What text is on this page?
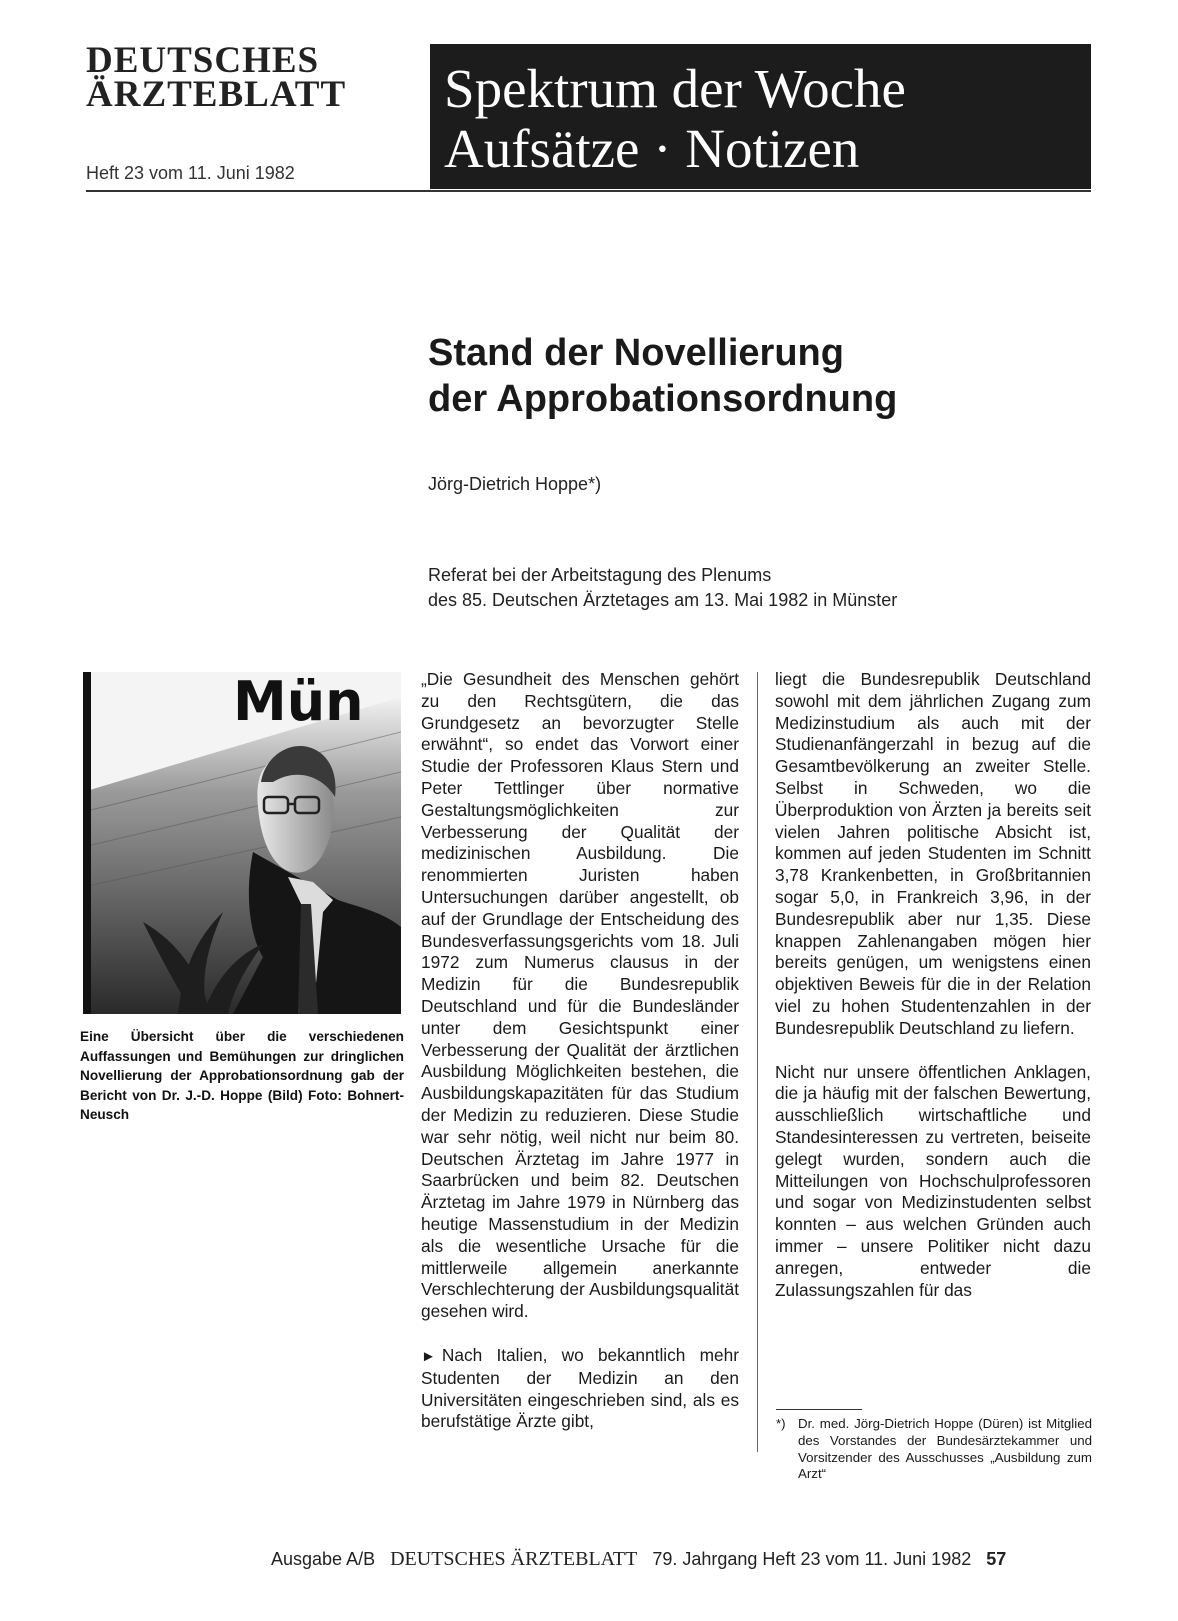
DEUTSCHES
ÄRZTEBLATT
Heft 23 vom 11. Juni 1982
Spektrum der Woche
Aufsätze · Notizen
Stand der Novellierung
der Approbationsordnung
Jörg-Dietrich Hoppe*)
Referat bei der Arbeitstagung des Plenums
des 85. Deutschen Ärztetages am 13. Mai 1982 in Münster
Mün
Eine Übersicht über die verschiedenen Auffassungen und Bemühungen zur dringlichen Novellierung der Approbationsordnung gab der Bericht von Dr. J.-D. Hoppe (Bild) Foto: Bohnert-Neusch

„Die Gesundheit des Menschen gehört zu den Rechtsgütern, die das Grundgesetz an bevorzugter Stelle erwähnt“, so endet das Vorwort einer Studie der Professoren Klaus Stern und Peter Tettlinger über normative Gestaltungsmöglichkeiten zur Verbesserung der Qualität der medizinischen Ausbildung. Die renommierten Juristen haben Untersuchungen darüber angestellt, ob auf der Grundlage der Entscheidung des Bundesverfassungsgerichts vom 18. Juli 1972 zum Numerus clausus in der Medizin für die Bundesrepublik Deutschland und für die Bundesländer unter dem Gesichtspunkt einer Verbesserung der Qualität der ärztlichen Ausbildung Möglichkeiten bestehen, die Ausbildungskapazitäten für das Studium der Medizin zu reduzieren. Diese Studie war sehr nötig, weil nicht nur beim 80. Deutschen Ärztetag im Jahre 1977 in Saarbrücken und beim 82. Deutschen Ärztetag im Jahre 1979 in Nürnberg das heutige Massenstudium in der Medizin als die wesentliche Ursache für die mittlerweile allgemein anerkannte Verschlechterung der Ausbildungsqualität gesehen wird.

► Nach Italien, wo bekanntlich mehr Studenten der Medizin an den Universitäten eingeschrieben sind, als es berufstätige Ärzte gibt,

liegt die Bundesrepublik Deutschland sowohl mit dem jährlichen Zugang zum Medizinstudium als auch mit der Studienanfängerzahl in bezug auf die Gesamtbevölkerung an zweiter Stelle. Selbst in Schweden, wo die Überproduktion von Ärzten ja bereits seit vielen Jahren politische Absicht ist, kommen auf jeden Studenten im Schnitt 3,78 Krankenbetten, in Großbritannien sogar 5,0, in Frankreich 3,96, in der Bundesrepublik aber nur 1,35. Diese knappen Zahlenangaben mögen hier bereits genügen, um wenigstens einen objektiven Beweis für die in der Relation viel zu hohen Studentenzahlen in der Bundesrepublik Deutschland zu liefern.

Nicht nur unsere öffentlichen Anklagen, die ja häufig mit der falschen Bewertung, ausschließlich wirtschaftliche und Standesinteressen zu vertreten, beiseite gelegt wurden, sondern auch die Mitteilungen von Hochschulprofessoren und sogar von Medizinstudenten selbst konnten – aus welchen Gründen auch immer – unsere Politiker nicht dazu anregen, entweder die Zulassungszahlen für das

*) Dr. med. Jörg-Dietrich Hoppe (Düren) ist Mitglied des Vorstandes der Bundesärztekammer und Vorsitzender des Ausschusses „Ausbildung zum Arzt“
Ausgabe A/B DEUTSCHES ÄRZTEBLATT 79. Jahrgang Heft 23 vom 11. Juni 1982 57
